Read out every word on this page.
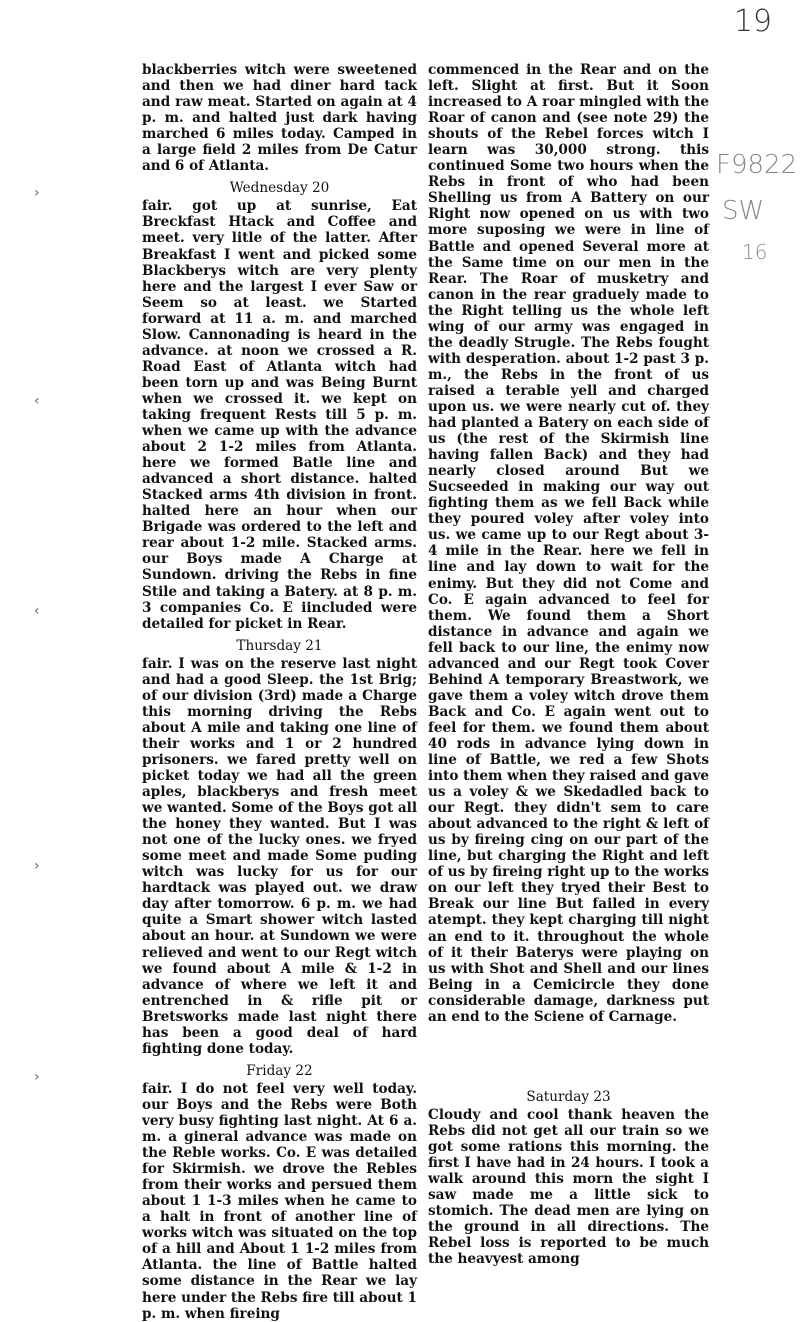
19
F9822
SW
16
›
‹
‹
›
›

blackberries witch were sweetened and then we had diner hard tack and raw meat. Started on again at 4 p. m. and halted just dark having marched 6 miles today. Camped in a large field 2 miles from De Catur and 6 of Atlanta.

Wednesday 20

fair. got up at sunrise, Eat Breckfast Htack and Coffee and meet. very litle of the latter. After Breakfast I went and picked some Blackberys witch are very plenty here and the largest I ever Saw or Seem so at least. we Started forward at 11 a. m. and marched Slow. Cannonading is heard in the advance. at noon we crossed a R. Road East of Atlanta witch had been torn up and was Being Burnt when we crossed it. we kept on taking frequent Rests till 5 p. m. when we came up with the advance about 2 1-2 miles from Atlanta. here we formed Batle line and advanced a short distance. halted Stacked arms 4th division in front. halted here an hour when our Brigade was ordered to the left and rear about 1-2 mile. Stacked arms. our Boys made A Charge at Sundown. driving the Rebs in fine Stile and taking a Batery. at 8 p. m. 3 companies Co. E iincluded were detailed for picket in Rear.

Thursday 21

fair. I was on the reserve last night and had a good Sleep. the 1st Brig; of our division (3rd) made a Charge this morning driving the Rebs about A mile and taking one line of their works and 1 or 2 hundred prisoners. we fared pretty well on picket today we had all the green aples, blackberys and fresh meet we wanted. Some of the Boys got all the honey they wanted. But I was not one of the lucky ones. we fryed some meet and made Some puding witch was lucky for us for our hardtack was played out. we draw day after tomorrow. 6 p. m. we had quite a Smart shower witch lasted about an hour. at Sundown we were relieved and went to our Regt witch we found about A mile & 1-2 in advance of where we left it and entrenched in & rifle pit or Bretsworks made last night there has been a good deal of hard fighting done today.

Friday 22

fair. I do not feel very well today. our Boys and the Rebs were Both very busy fighting last night. At 6 a. m. a gineral advance was made on the Reble works. Co. E was detailed for Skirmish. we drove the Rebles from their works and persued them about 1 1-3 miles when he came to a halt in front of another line of works witch was situated on the top of a hill and About 1 1-2 miles from Atlanta. the line of Battle halted some distance in the Rear we lay here under the Rebs fire till about 1 p. m. when fireing

commenced in the Rear and on the left. Slight at first. But it Soon increased to A roar mingled with the Roar of canon and (see note 29) the shouts of the Rebel forces witch I learn was 30,000 strong. this continued Some two hours when the Rebs in front of who had been Shelling us from A Battery on our Right now opened on us with two more suposing we were in line of Battle and opened Several more at the Same time on our men in the Rear. The Roar of musketry and canon in the rear graduely made to the Right telling us the whole left wing of our army was engaged in the deadly Strugle. The Rebs fought with desperation. about 1-2 past 3 p. m., the Rebs in the front of us raised a terable yell and charged upon us. we were nearly cut of. they had planted a Batery on each side of us (the rest of the Skirmish line having fallen Back) and they had nearly closed around But we Sucseeded in making our way out fighting them as we fell Back while they poured voley after voley into us. we came up to our Regt about 3-4 mile in the Rear. here we fell in line and lay down to wait for the enimy. But they did not Come and Co. E again advanced to feel for them. We found them a Short distance in advance and again we fell back to our line, the enimy now advanced and our Regt took Cover Behind A temporary Breastwork, we gave them a voley witch drove them Back and Co. E again went out to feel for them. we found them about 40 rods in advance lying down in line of Battle, we red a few Shots into them when they raised and gave us a voley & we Skedadled back to our Regt. they didn't sem to care about advanced to the right & left of us by fireing cing on our part of the line, but charging the Right and left of us by fireing right up to the works on our left they tryed their Best to Break our line But failed in every atempt. they kept charging till night an end to it. throughout the whole of it their Baterys were playing on us with Shot and Shell and our lines Being in a Cemicircle they done considerable damage, darkness put an end to the Sciene of Carnage.

Saturday 23

Cloudy and cool thank heaven the Rebs did not get all our train so we got some rations this morning. the first I have had in 24 hours. I took a walk around this morn the sight I saw made me a little sick to stomich. The dead men are lying on the ground in all directions. The Rebel loss is reported to be much the heavyest among
